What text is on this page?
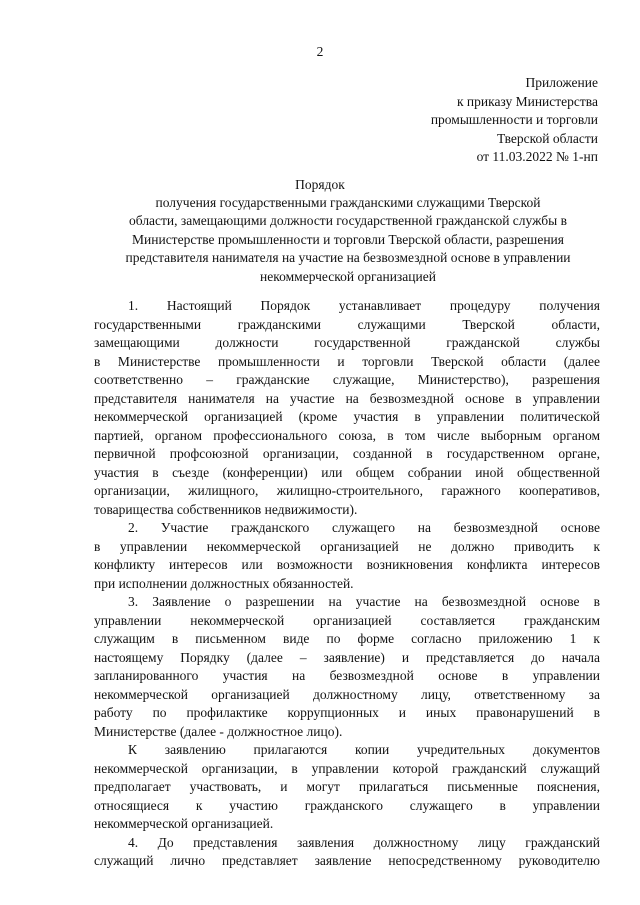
2
Приложение
к приказу Министерства
промышленности и торговли
Тверской области
от 11.03.2022 № 1-нп
Порядок
получения государственными гражданскими служащими Тверской
области, замещающими должности государственной гражданской службы в
Министерстве промышленности и торговли Тверской области, разрешения
представителя нанимателя на участие на безвозмездной основе в управлении
некоммерческой организацией
1. Настоящий Порядок устанавливает процедуру получения
государственными гражданскими служащими Тверской области,
замещающими должности государственной гражданской службы
в Министерстве промышленности и торговли Тверской области (далее
соответственно – гражданские служащие, Министерство), разрешения
представителя нанимателя на участие на безвозмездной основе в управлении
некоммерческой организацией (кроме участия в управлении политической
партией, органом профессионального союза, в том числе выборным органом
первичной профсоюзной организации, созданной в государственном органе,
участия в съезде (конференции) или общем собрании иной общественной
организации, жилищного, жилищно-строительного, гаражного кооперативов,
товарищества собственников недвижимости).
2. Участие гражданского служащего на безвозмездной основе
в управлении некоммерческой организацией не должно приводить к
конфликту интересов или возможности возникновения конфликта интересов
при исполнении должностных обязанностей.
3. Заявление о разрешении на участие на безвозмездной основе в
управлении некоммерческой организацией составляется гражданским
служащим в письменном виде по форме согласно приложению 1 к
настоящему Порядку (далее – заявление) и представляется до начала
запланированного участия на безвозмездной основе в управлении
некоммерческой организацией должностному лицу, ответственному за
работу по профилактике коррупционных и иных правонарушений в
Министерстве (далее - должностное лицо).
К заявлению прилагаются копии учредительных документов
некоммерческой организации, в управлении которой гражданский служащий
предполагает участвовать, и могут прилагаться письменные пояснения,
относящиеся к участию гражданского служащего в управлении
некоммерческой организацией.
4. До представления заявления должностному лицу гражданский
служащий лично представляет заявление непосредственному руководителю
